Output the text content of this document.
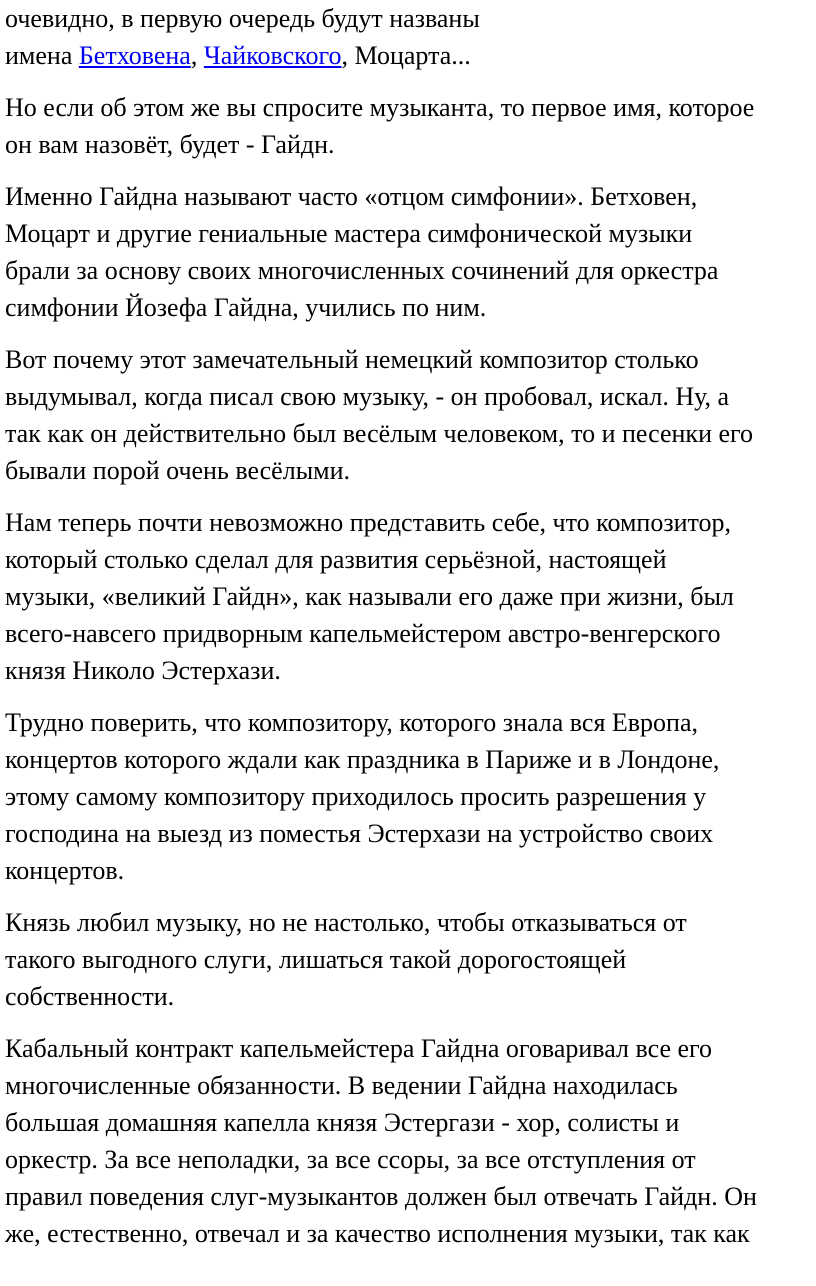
очевидно, в первую очередь будут названы
имена Бетховена, Чайковского, Моцарта...

Но если об этом же вы спросите музыканта, то первое имя, которое
он вам назовёт, будет - Гайдн.

Именно Гайдна называют часто «отцом симфонии». Бетховен,
Моцарт и другие гениальные мастера симфонической музыки
брали за основу своих многочисленных сочинений для оркестра
симфонии Йозефа Гайдна, учились по ним.

Вот почему этот замечательный немецкий композитор столько
выдумывал, когда писал свою музыку, - он пробовал, искал. Ну, а
так как он действительно был весёлым человеком, то и песенки его
бывали порой очень весёлыми.

Нам теперь почти невозможно представить себе, что композитор,
который столько сделал для развития серьёзной, настоящей
музыки, «великий Гайдн», как называли его даже при жизни, был
всего-навсего придворным капельмейстером австро-венгерского
князя Николо Эстерхази.

Трудно поверить, что композитору, которого знала вся Европа,
концертов которого ждали как праздника в Париже и в Лондоне,
этому самому композитору приходилось просить разрешения у
господина на выезд из поместья Эстерхази на устройство своих
концертов.

Князь любил музыку, но не настолько, чтобы отказываться от
такого выгодного слуги, лишаться такой дорогостоящей
собственности.

Кабальный контракт капельмейстера Гайдна оговаривал все его
многочисленные обязанности. В ведении Гайдна находилась
большая домашняя капелла князя Эстергази - хор, солисты и
оркестр. За все неполадки, за все ссоры, за все отступления от
правил поведения слуг-музыкантов должен был отвечать Гайдн. Он
же, естественно, отвечал и за качество исполнения музыки, так как
